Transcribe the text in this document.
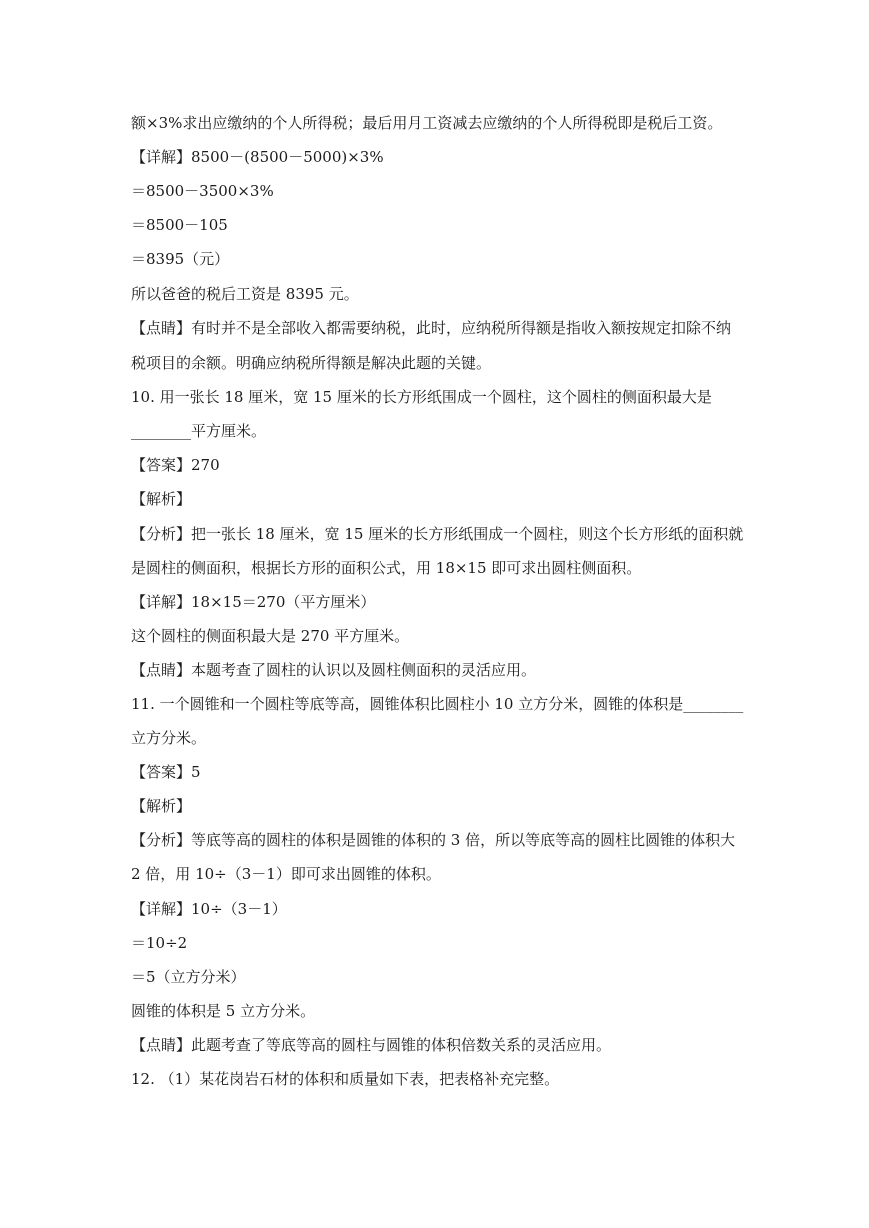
额×3%求出应缴纳的个人所得税；最后用月工资减去应缴纳的个人所得税即是税后工资。
【详解】8500－(8500－5000)×3%
＝8500－3500×3%
＝8500－105
＝8395（元）
所以爸爸的税后工资是 8395 元。
【点睛】有时并不是全部收入都需要纳税，此时，应纳税所得额是指收入额按规定扣除不纳
税项目的余额。明确应纳税所得额是解决此题的关键。
10. 用一张长 18 厘米，宽 15 厘米的长方形纸围成一个圆柱，这个圆柱的侧面积最大是
________平方厘米。
【答案】270
【解析】
【分析】把一张长 18 厘米，宽 15 厘米的长方形纸围成一个圆柱，则这个长方形纸的面积就
是圆柱的侧面积，根据长方形的面积公式，用 18×15 即可求出圆柱侧面积。
【详解】18×15＝270（平方厘米）
这个圆柱的侧面积最大是 270 平方厘米。
【点睛】本题考查了圆柱的认识以及圆柱侧面积的灵活应用。
11. 一个圆锥和一个圆柱等底等高，圆锥体积比圆柱小 10 立方分米，圆锥的体积是________
立方分米。
【答案】5
【解析】
【分析】等底等高的圆柱的体积是圆锥的体积的 3 倍，所以等底等高的圆柱比圆锥的体积大
2 倍，用 10÷（3－1）即可求出圆锥的体积。
【详解】10÷（3－1）
＝10÷2
＝5（立方分米）
圆锥的体积是 5 立方分米。
【点睛】此题考查了等底等高的圆柱与圆锥的体积倍数关系的灵活应用。
12. （1）某花岗岩石材的体积和质量如下表，把表格补充完整。
